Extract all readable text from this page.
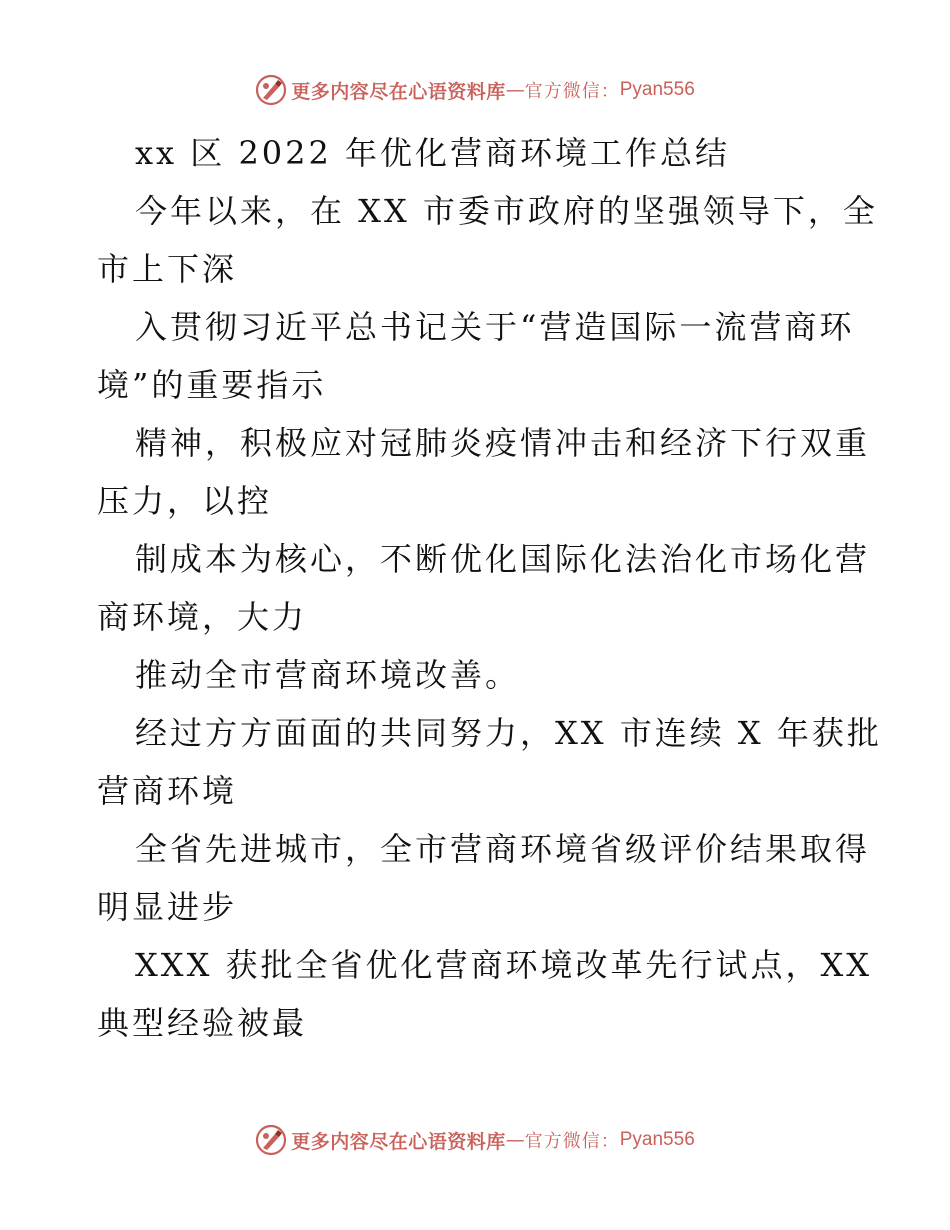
更多内容尽在心语资料库 — 官方微信： Pyan556
xx 区 2022 年优化营商环境工作总结
今年以来，在 XX 市委市政府的坚强领导下，全
市上下深
入贯彻习近平总书记关于“营造国际一流营商环
境”的重要指示
精神，积极应对冠肺炎疫情冲击和经济下行双重
压力，以控
制成本为核心，不断优化国际化法治化市场化营
商环境，大力
推动全市营商环境改善。
经过方方面面的共同努力，XX 市连续 X 年获批
营商环境
全省先进城市，全市营商环境省级评价结果取得
明显进步
XXX 获批全省优化营商环境改革先行试点，XX
典型经验被最
更多内容尽在心语资料库 — 官方微信： Pyan556
